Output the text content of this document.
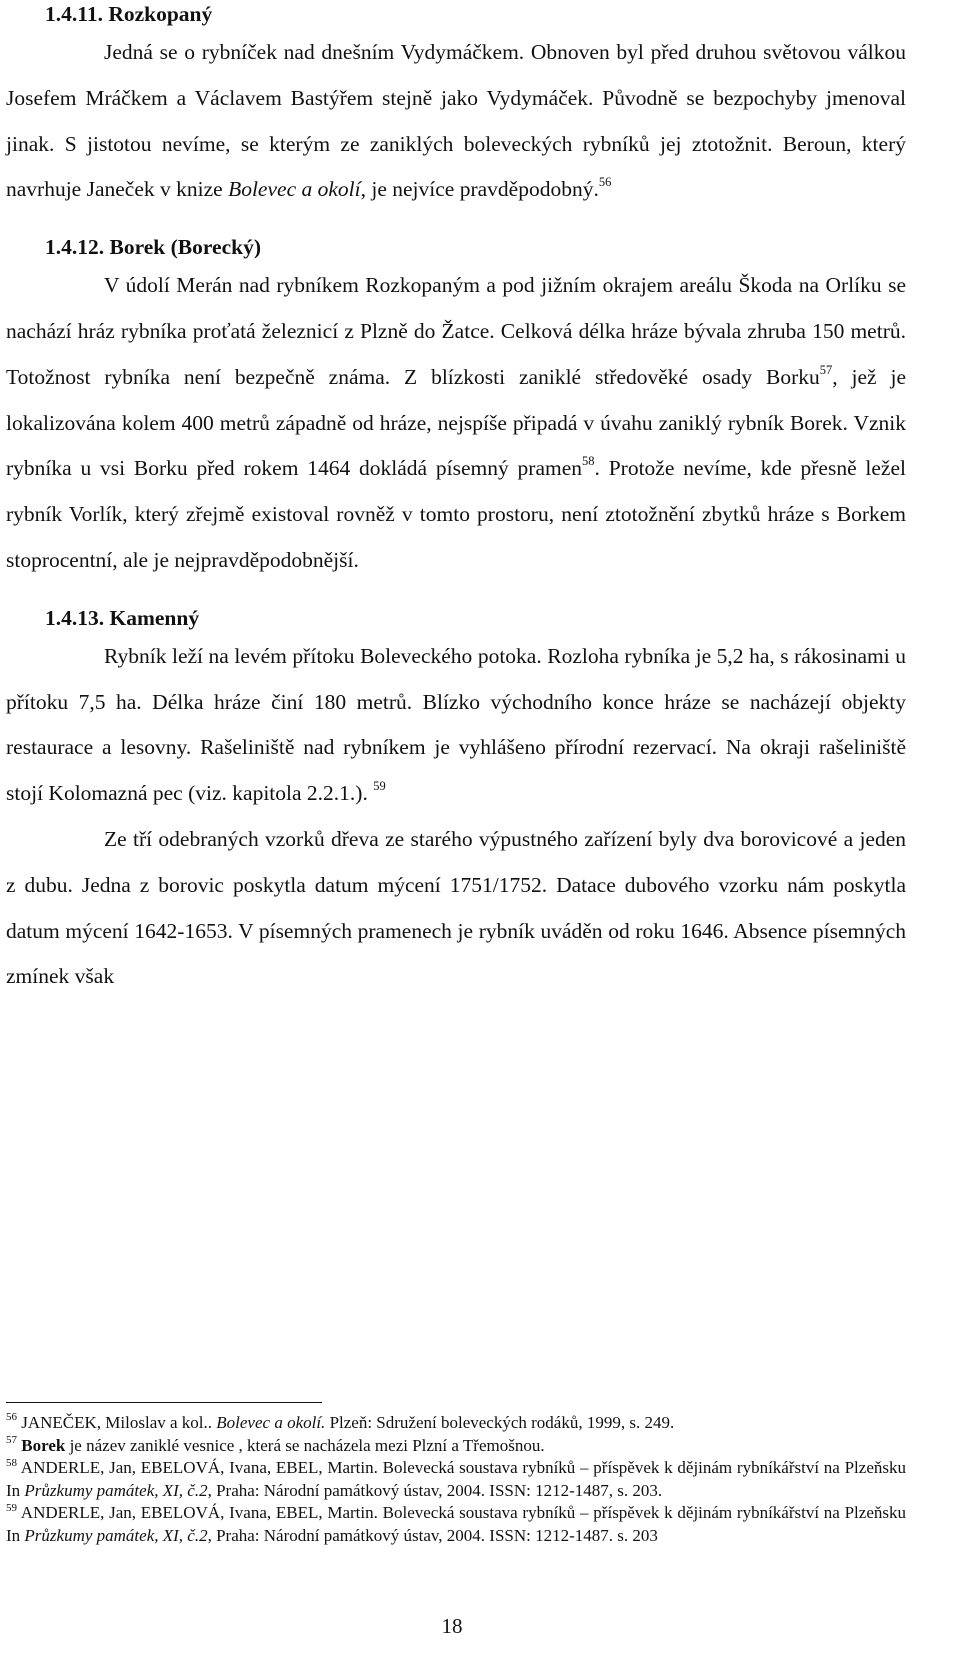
1.4.11. Rozkopaný

Jedná se o rybníček nad dnešním Vydymáčkem. Obnoven byl před druhou světovou válkou Josefem Mráčkem a Václavem Bastýřem stejně jako Vydymáček. Původně se bezpochyby jmenoval jinak. S jistotou nevíme, se kterým ze zaniklých boleveckých rybníků jej ztotožnit. Beroun, který navrhuje Janeček v knize Bolevec a okolí, je nejvíce pravděpodobný.$^{56}$

1.4.12. Borek (Borecký)

V údolí Merán nad rybníkem Rozkopaným a pod jižním okrajem areálu Škoda na Orlíku se nachází hráz rybníka proťatá železnicí z Plzně do Žatce. Celková délka hráze bývala zhruba 150 metrů. Totožnost rybníka není bezpečně známa. Z blízkosti zaniklé středověké osady Borku$^{57}$, jež je lokalizována kolem 400 metrů západně od hráze, nejspíše připadá v úvahu zaniklý rybník Borek. Vznik rybníka u vsi Borku před rokem 1464 dokládá písemný pramen$^{58}$. Protože nevíme, kde přesně ležel rybník Vorlík, který zřejmě existoval rovněž v tomto prostoru, není ztotožnění zbytků hráze s Borkem stoprocentní, ale je nejpravděpodobnější.

1.4.13. Kamenný

Rybník leží na levém přítoku Boleveckého potoka. Rozloha rybníka je 5,2 ha, s rákosinami u přítoku 7,5 ha. Délka hráze činí 180 metrů. Blízko východního konce hráze se nacházejí objekty restaurace a lesovny. Rašeliniště nad rybníkem je vyhlášeno přírodní rezervací. Na okraji rašeliniště stojí Kolomazná pec (viz. kapitola 2.2.1.). $^{59}$

Ze tří odebraných vzorků dřeva ze starého výpustného zařízení byly dva borovicové a jeden z dubu. Jedna z borovic poskytla datum mýcení 1751/1752. Datace dubového vzorku nám poskytla datum mýcení 1642-1653. V písemných pramenech je rybník uváděn od roku 1646. Absence písemných zmínek však

$^{56}$ JANEČEK, Miloslav a kol.. Bolevec a okolí. Plzeň: Sdružení boleveckých rodáků, 1999, s. 249.

$^{57}$ Borek je název zaniklé vesnice , která se nacházela mezi Plzní a Třemošnou.

$^{58}$ ANDERLE, Jan, EBELOVÁ, Ivana, EBEL, Martin. Bolevecká soustava rybníků – příspěvek k dějinám rybníkářství na Plzeňsku In Průzkumy památek, XI, č.2, Praha: Národní památkový ústav, 2004. ISSN: 1212-1487, s. 203.

$^{59}$ ANDERLE, Jan, EBELOVÁ, Ivana, EBEL, Martin. Bolevecká soustava rybníků – příspěvek k dějinám rybníkářství na Plzeňsku In Průzkumy památek, XI, č.2, Praha: Národní památkový ústav, 2004. ISSN: 1212-1487. s. 203

18
